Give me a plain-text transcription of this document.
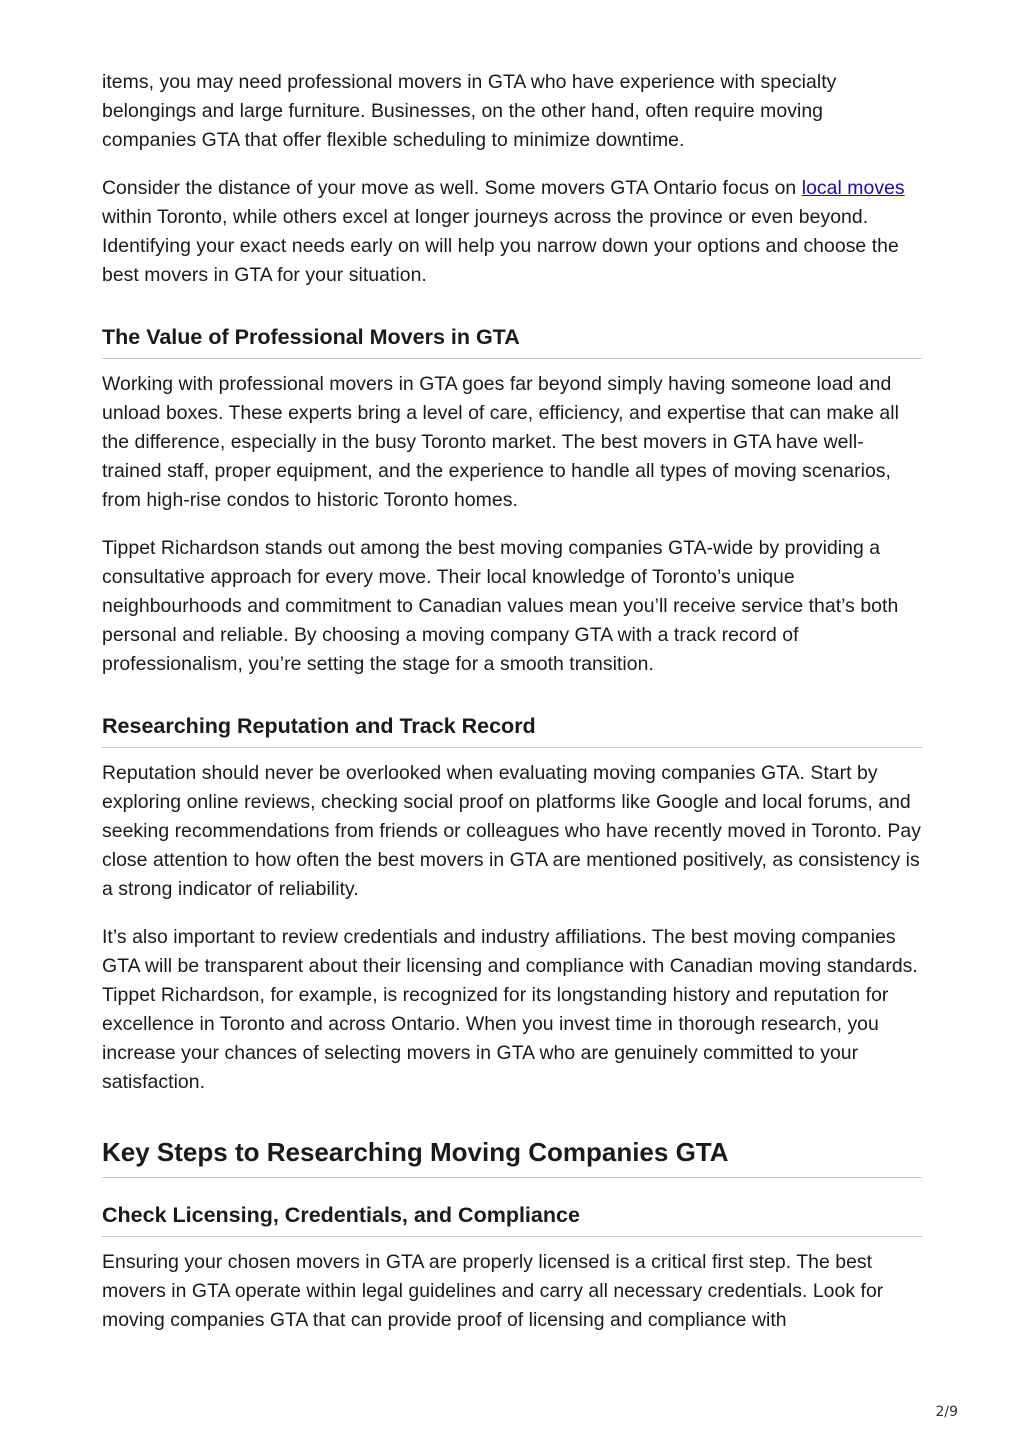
items, you may need professional movers in GTA who have experience with specialty belongings and large furniture. Businesses, on the other hand, often require moving companies GTA that offer flexible scheduling to minimize downtime.

Consider the distance of your move as well. Some movers GTA Ontario focus on local moves within Toronto, while others excel at longer journeys across the province or even beyond. Identifying your exact needs early on will help you narrow down your options and choose the best movers in GTA for your situation.

The Value of Professional Movers in GTA

Working with professional movers in GTA goes far beyond simply having someone load and unload boxes. These experts bring a level of care, efficiency, and expertise that can make all the difference, especially in the busy Toronto market. The best movers in GTA have well-trained staff, proper equipment, and the experience to handle all types of moving scenarios, from high-rise condos to historic Toronto homes.

Tippet Richardson stands out among the best moving companies GTA-wide by providing a consultative approach for every move. Their local knowledge of Toronto’s unique neighbourhoods and commitment to Canadian values mean you’ll receive service that’s both personal and reliable. By choosing a moving company GTA with a track record of professionalism, you’re setting the stage for a smooth transition.

Researching Reputation and Track Record

Reputation should never be overlooked when evaluating moving companies GTA. Start by exploring online reviews, checking social proof on platforms like Google and local forums, and seeking recommendations from friends or colleagues who have recently moved in Toronto. Pay close attention to how often the best movers in GTA are mentioned positively, as consistency is a strong indicator of reliability.

It’s also important to review credentials and industry affiliations. The best moving companies GTA will be transparent about their licensing and compliance with Canadian moving standards. Tippet Richardson, for example, is recognized for its longstanding history and reputation for excellence in Toronto and across Ontario. When you invest time in thorough research, you increase your chances of selecting movers in GTA who are genuinely committed to your satisfaction.

Key Steps to Researching Moving Companies GTA
Check Licensing, Credentials, and Compliance

Ensuring your chosen movers in GTA are properly licensed is a critical first step. The best movers in GTA operate within legal guidelines and carry all necessary credentials. Look for moving companies GTA that can provide proof of licensing and compliance with

2/9
